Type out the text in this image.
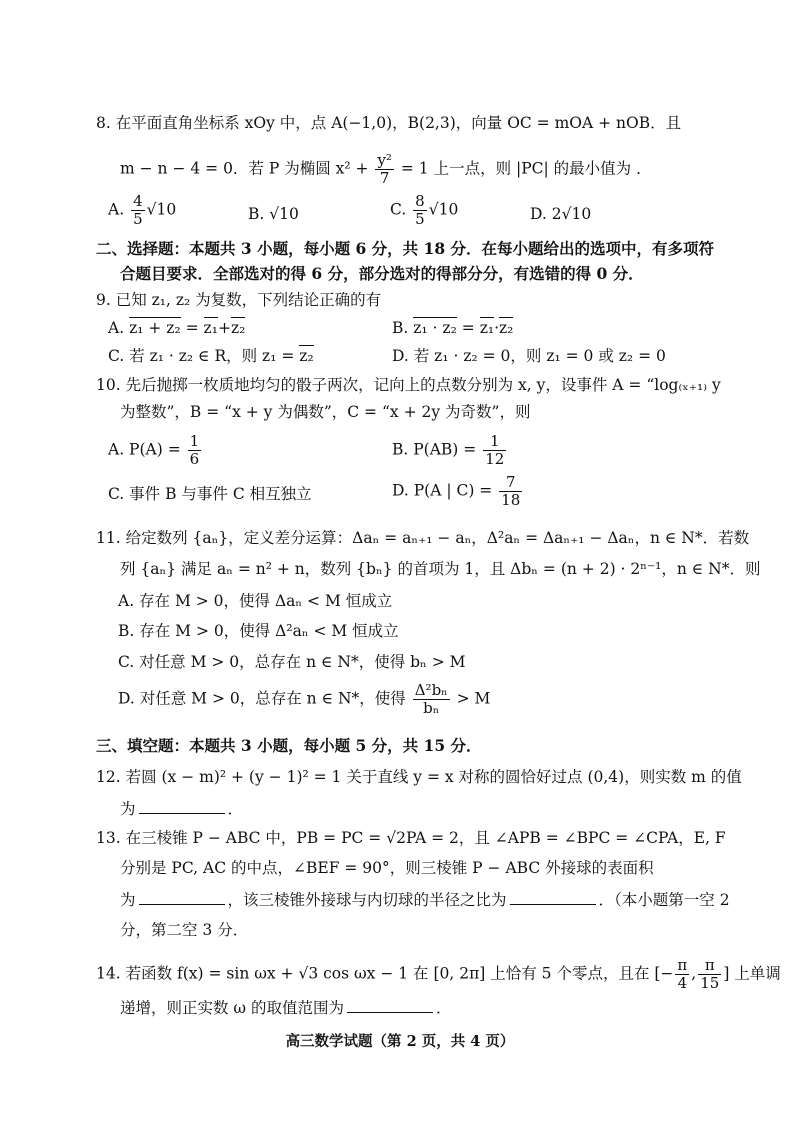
8. 在平面直角坐标系 xOy 中，点 A(−1,0)，B(2,3)，向量 OC = mOA + nOB．且
m − n − 4 = 0．若 P 为椭圆 $x^2 + \frac{\text{y²}}{7} = 1$ 上一点，则 |PC| 的最小值为 ．
A. $\frac{4}{5} √10$	B. √10	C. $\frac{8}{5} √10$	D. 2√10
二、选择题：本题共 3 小题，每小题 6 分，共 18 分．在每小题给出的选项中，有多项符
合题目要求．全部选对的得 6 分，部分选对的得部分分，有选错的得 0 分．
9. 已知 z₁, z₂ 为复数，下列结论正确的有
A. z₁ + z₂ = z₁+z₂	B. z₁ · z₂ = z₁·z₂
C. 若 z₁ · z₂ ∈ R，则 z₁ = z₂	D. 若 z₁ · z₂ = 0，则 z₁ = 0 或 z₂ = 0
10. 先后抛掷一枚质地均匀的骰子两次，记向上的点数分别为 x, y，设事件 A = “log₍ₓ₊₁₎ y
为整数”，B = “x + y 为偶数”，C = “x + 2y 为奇数”，则
A. $P(A) = \frac{1}{6}$	B. $P(AB) = \frac{1}{12}$
C. 事件 B 与事件 C 相互独立	D. P(A | $C) = \frac{7}{18}$
11. 给定数列 {aₙ}，定义差分运算：Δaₙ = aₙ₊₁ − aₙ，Δ²aₙ = Δaₙ₊₁ − Δaₙ，n ∈ N*．若数
列 {aₙ} 满足 aₙ = n² + n，数列 {bₙ} 的首项为 1，且 Δbₙ = (n + 2) · 2ⁿ⁻¹，n ∈ N*．则
A. 存在 M > 0，使得 Δaₙ < M 恒成立
B. 存在 M > 0，使得 Δ²aₙ < M 恒成立
C. 对任意 M > 0，总存在 n ∈ N*，使得 bₙ > M
D. 对任意 M > 0，总存在 n ∈ N*，使得 $\frac{\text{Δ²bₙ}}{\text{bₙ}} > M$
三、填空题：本题共 3 小题，每小题 5 分，共 15 分．
12. 若圆 (x − m)² + (y − 1)² = 1 关于直线 y = x 对称的圆恰好过点 (0,4)，则实数 m 的值
为	．
13. 在三棱锥 P − ABC 中，PB = PC = √2PA = 2，且 ∠APB = ∠BPC = ∠CPA，E, F
分别是 PC, AC 的中点，∠BEF = 90°，则三棱锥 P − ABC 外接球的表面积
为	，该三棱锥外接球与内切球的半径之比为	．（本小题第一空 2
分，第二空 3 分．
14. 若函数 f(x) = sin ωx + √3 cos ωx − 1 在 [0, 2π] 上恰有 5 个零点，且在 [− $\frac{\pi}{4}$ , $\frac{\pi}{15}$ ] 上单调
递增，则正实数 ω 的取值范围为	．
高三数学试题（第 2 页，共 4 页）
